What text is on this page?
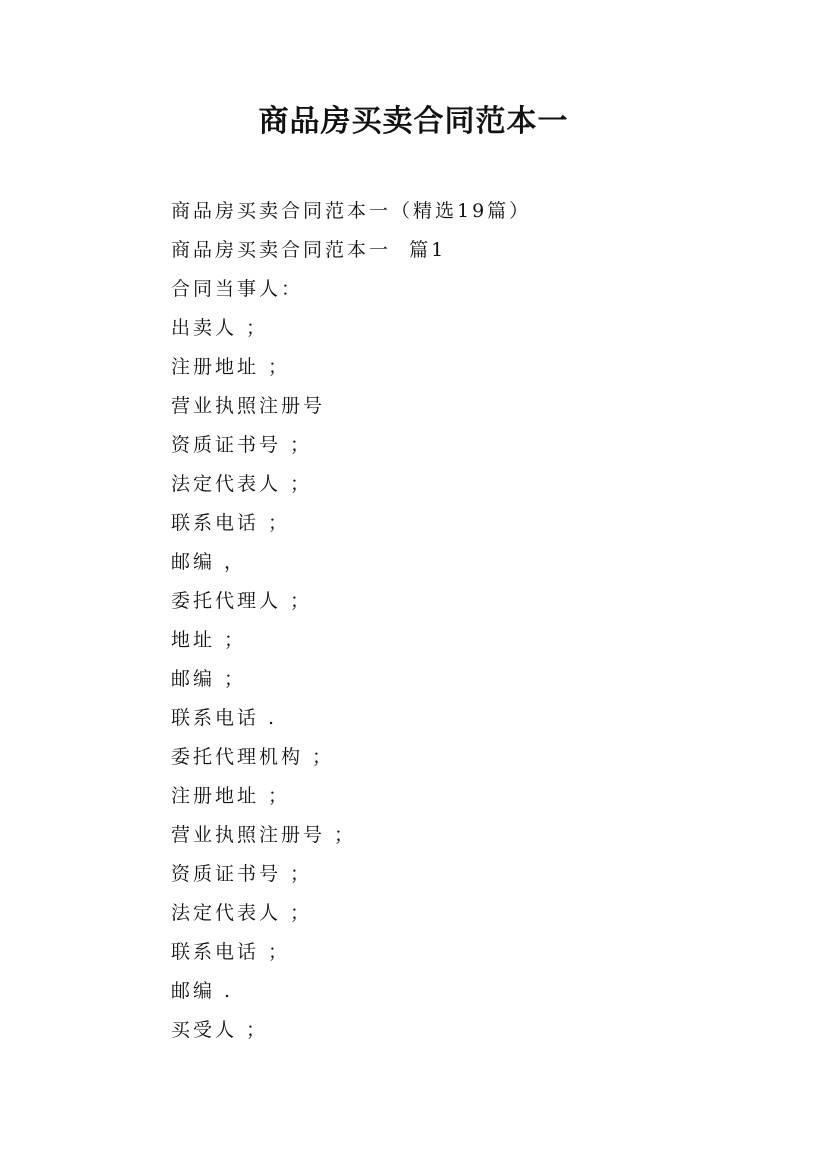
商品房买卖合同范本一

商品房买卖合同范本一（精选19篇）

商品房买卖合同范本一  篇1

合同当事人：

出卖人 ；

注册地址 ；

营业执照注册号

资质证书号 ；

法定代表人 ；

联系电话 ；

邮编 ，

委托代理人 ；

地址 ；

邮编 ；

联系电话 .

委托代理机构 ；

注册地址 ；

营业执照注册号 ；

资质证书号 ；

法定代表人 ；

联系电话 ；

邮编 .

买受人 ；
